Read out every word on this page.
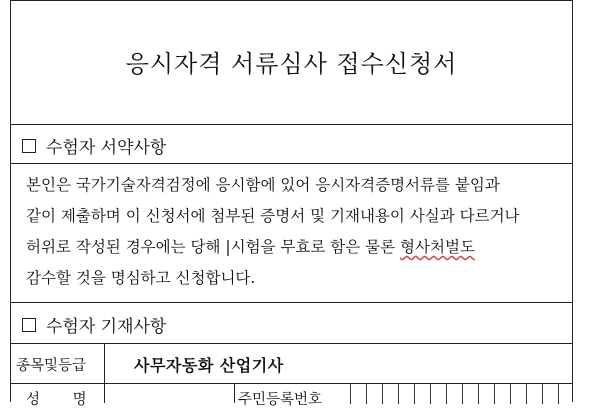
응시자격 서류심사 접수신청서
수험자 서약사항
본인은 국가기술자격검정에 응시함에 있어 응시자격증명서류를 붙임과
같이 제출하며 이 신청서에 첨부된 증명서 및 기재내용이 사실과 다르거나
허위로 작성된 경우에는 당해 |시험을 무효로 함은 물론 형사처벌도
감수할 것을 명심하고 신청합니다.
수험자 기재사항
종목및등급	사무자동화 산업기사
성 명	주민등록번호
